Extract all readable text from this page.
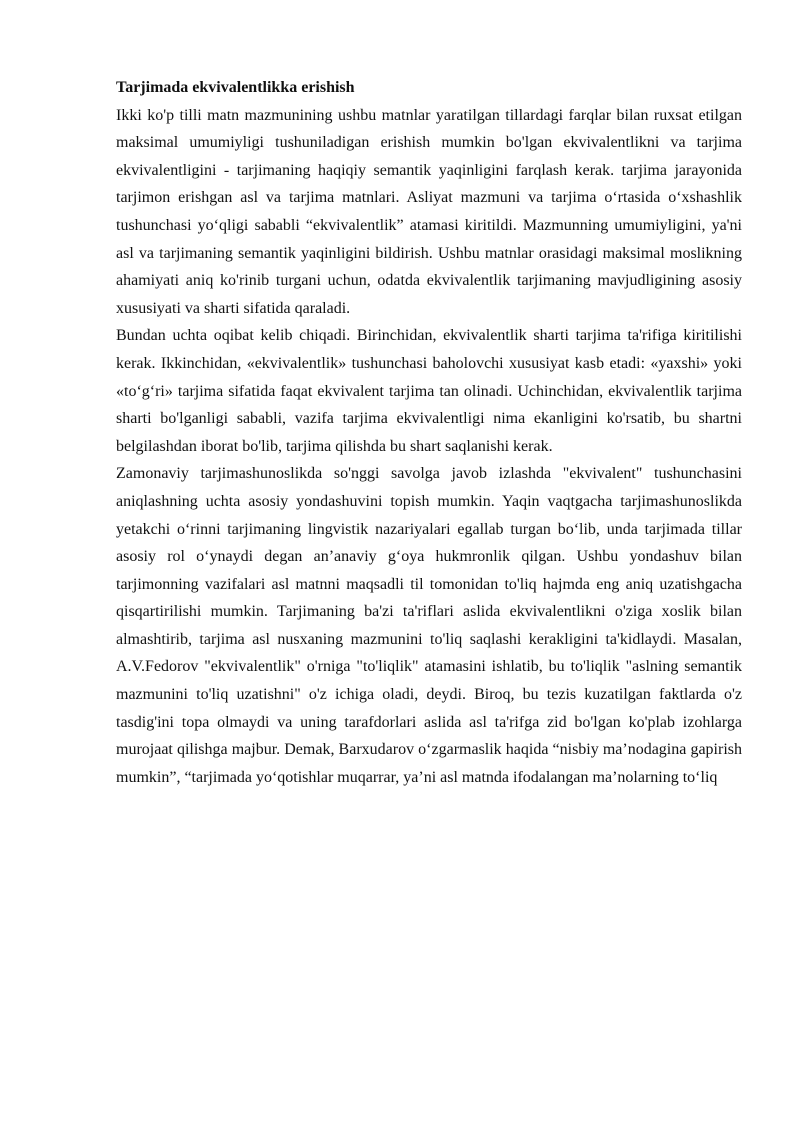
Tarjimada ekvivalentlikka erishish

Ikki ko'p tilli matn mazmunining ushbu matnlar yaratilgan tillardagi farqlar bilan ruxsat etilgan maksimal umumiyligi tushuniladigan erishish mumkin bo'lgan ekvivalentlikni va tarjima ekvivalentligini - tarjimaning haqiqiy semantik yaqinligini farqlash kerak. tarjima jarayonida tarjimon erishgan asl va tarjima matnlari. Asliyat mazmuni va tarjima o‘rtasida o‘xshashlik tushunchasi yo‘qligi sababli “ekvivalentlik” atamasi kiritildi. Mazmunning umumiyligini, ya'ni asl va tarjimaning semantik yaqinligini bildirish. Ushbu matnlar orasidagi maksimal moslikning ahamiyati aniq ko'rinib turgani uchun, odatda ekvivalentlik tarjimaning mavjudligining asosiy xususiyati va sharti sifatida qaraladi.

Bundan uchta oqibat kelib chiqadi. Birinchidan, ekvivalentlik sharti tarjima ta'rifiga kiritilishi kerak. Ikkinchidan, «ekvivalentlik» tushunchasi baholovchi xususiyat kasb etadi: «yaxshi» yoki «to‘g‘ri» tarjima sifatida faqat ekvivalent tarjima tan olinadi. Uchinchidan, ekvivalentlik tarjima sharti bo'lganligi sababli, vazifa tarjima ekvivalentligi nima ekanligini ko'rsatib, bu shartni belgilashdan iborat bo'lib, tarjima qilishda bu shart saqlanishi kerak.

Zamonaviy tarjimashunoslikda so'nggi savolga javob izlashda "ekvivalent" tushunchasini aniqlashning uchta asosiy yondashuvini topish mumkin. Yaqin vaqtgacha tarjimashunoslikda yetakchi o‘rinni tarjimaning lingvistik nazariyalari egallab turgan bo‘lib, unda tarjimada tillar asosiy rol o‘ynaydi degan an’anaviy g‘oya hukmronlik qilgan. Ushbu yondashuv bilan tarjimonning vazifalari asl matnni maqsadli til tomonidan to'liq hajmda eng aniq uzatishgacha qisqartirilishi mumkin. Tarjimaning ba'zi ta'riflari aslida ekvivalentlikni o'ziga xoslik bilan almashtirib, tarjima asl nusxaning mazmunini to'liq saqlashi kerakligini ta'kidlaydi. Masalan, A.V.Fedorov "ekvivalentlik" o'rniga "to'liqlik" atamasini ishlatib, bu to'liqlik "aslning semantik mazmunini to'liq uzatishni" o'z ichiga oladi, deydi. Biroq, bu tezis kuzatilgan faktlarda o'z tasdig'ini topa olmaydi va uning tarafdorlari aslida asl ta'rifga zid bo'lgan ko'plab izohlarga murojaat qilishga majbur. Demak, Barxudarov o‘zgarmaslik haqida “nisbiy ma’nodagina gapirish mumkin”, “tarjimada yo‘qotishlar muqarrar, ya’ni asl matnda ifodalangan ma’nolarning to‘liq
